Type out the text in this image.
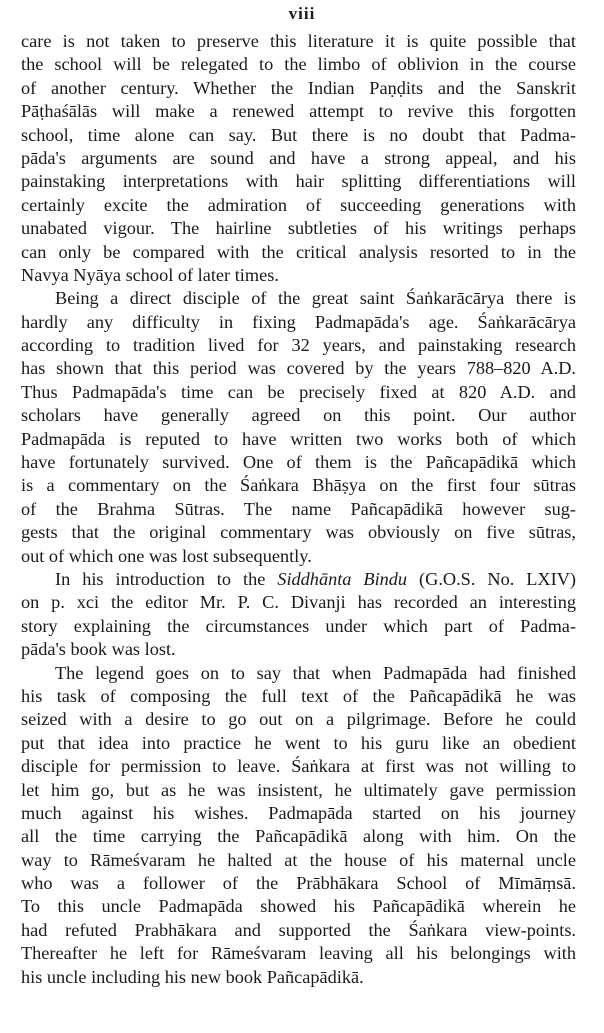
viii
care is not taken to preserve this literature it is quite possible that
the school will be relegated to the limbo of oblivion in the course
of another century. Whether the Indian Paṇḍits and the Sanskrit
Pāṭhaśālās will make a renewed attempt to revive this forgotten
school, time alone can say. But there is no doubt that Padma-
pāda's arguments are sound and have a strong appeal, and his
painstaking interpretations with hair splitting differentiations will
certainly excite the admiration of succeeding generations with
unabated vigour. The hairline subtleties of his writings perhaps
can only be compared with the critical analysis resorted to in the
Navya Nyāya school of later times.
Being a direct disciple of the great saint Śaṅkarācārya there is
hardly any difficulty in fixing Padmapāda's age. Śaṅkarācārya
according to tradition lived for 32 years, and painstaking research
has shown that this period was covered by the years 788–820 A.D.
Thus Padmapāda's time can be precisely fixed at 820 A.D. and
scholars have generally agreed on this point. Our author
Padmapāda is reputed to have written two works both of which
have fortunately survived. One of them is the Pañcapādikā which
is a commentary on the Śaṅkara Bhāṣya on the first four sūtras
of the Brahma Sūtras. The name Pañcapādikā however sug-
gests that the original commentary was obviously on five sūtras,
out of which one was lost subsequently.
In his introduction to the Siddhānta Bindu (G.O.S. No. LXIV)
on p. xci the editor Mr. P. C. Divanji has recorded an interesting
story explaining the circumstances under which part of Padma-
pāda's book was lost.
The legend goes on to say that when Padmapāda had finished
his task of composing the full text of the Pañcapādikā he was
seized with a desire to go out on a pilgrimage. Before he could
put that idea into practice he went to his guru like an obedient
disciple for permission to leave. Śaṅkara at first was not willing to
let him go, but as he was insistent, he ultimately gave permission
much against his wishes. Padmapāda started on his journey
all the time carrying the Pañcapādikā along with him. On the
way to Rāmeśvaram he halted at the house of his maternal uncle
who was a follower of the Prābhākara School of Mīmāṃsā.
To this uncle Padmapāda showed his Pañcapādikā wherein he
had refuted Prabhākara and supported the Śaṅkara view-points.
Thereafter he left for Rāmeśvaram leaving all his belongings with
his uncle including his new book Pañcapādikā.
